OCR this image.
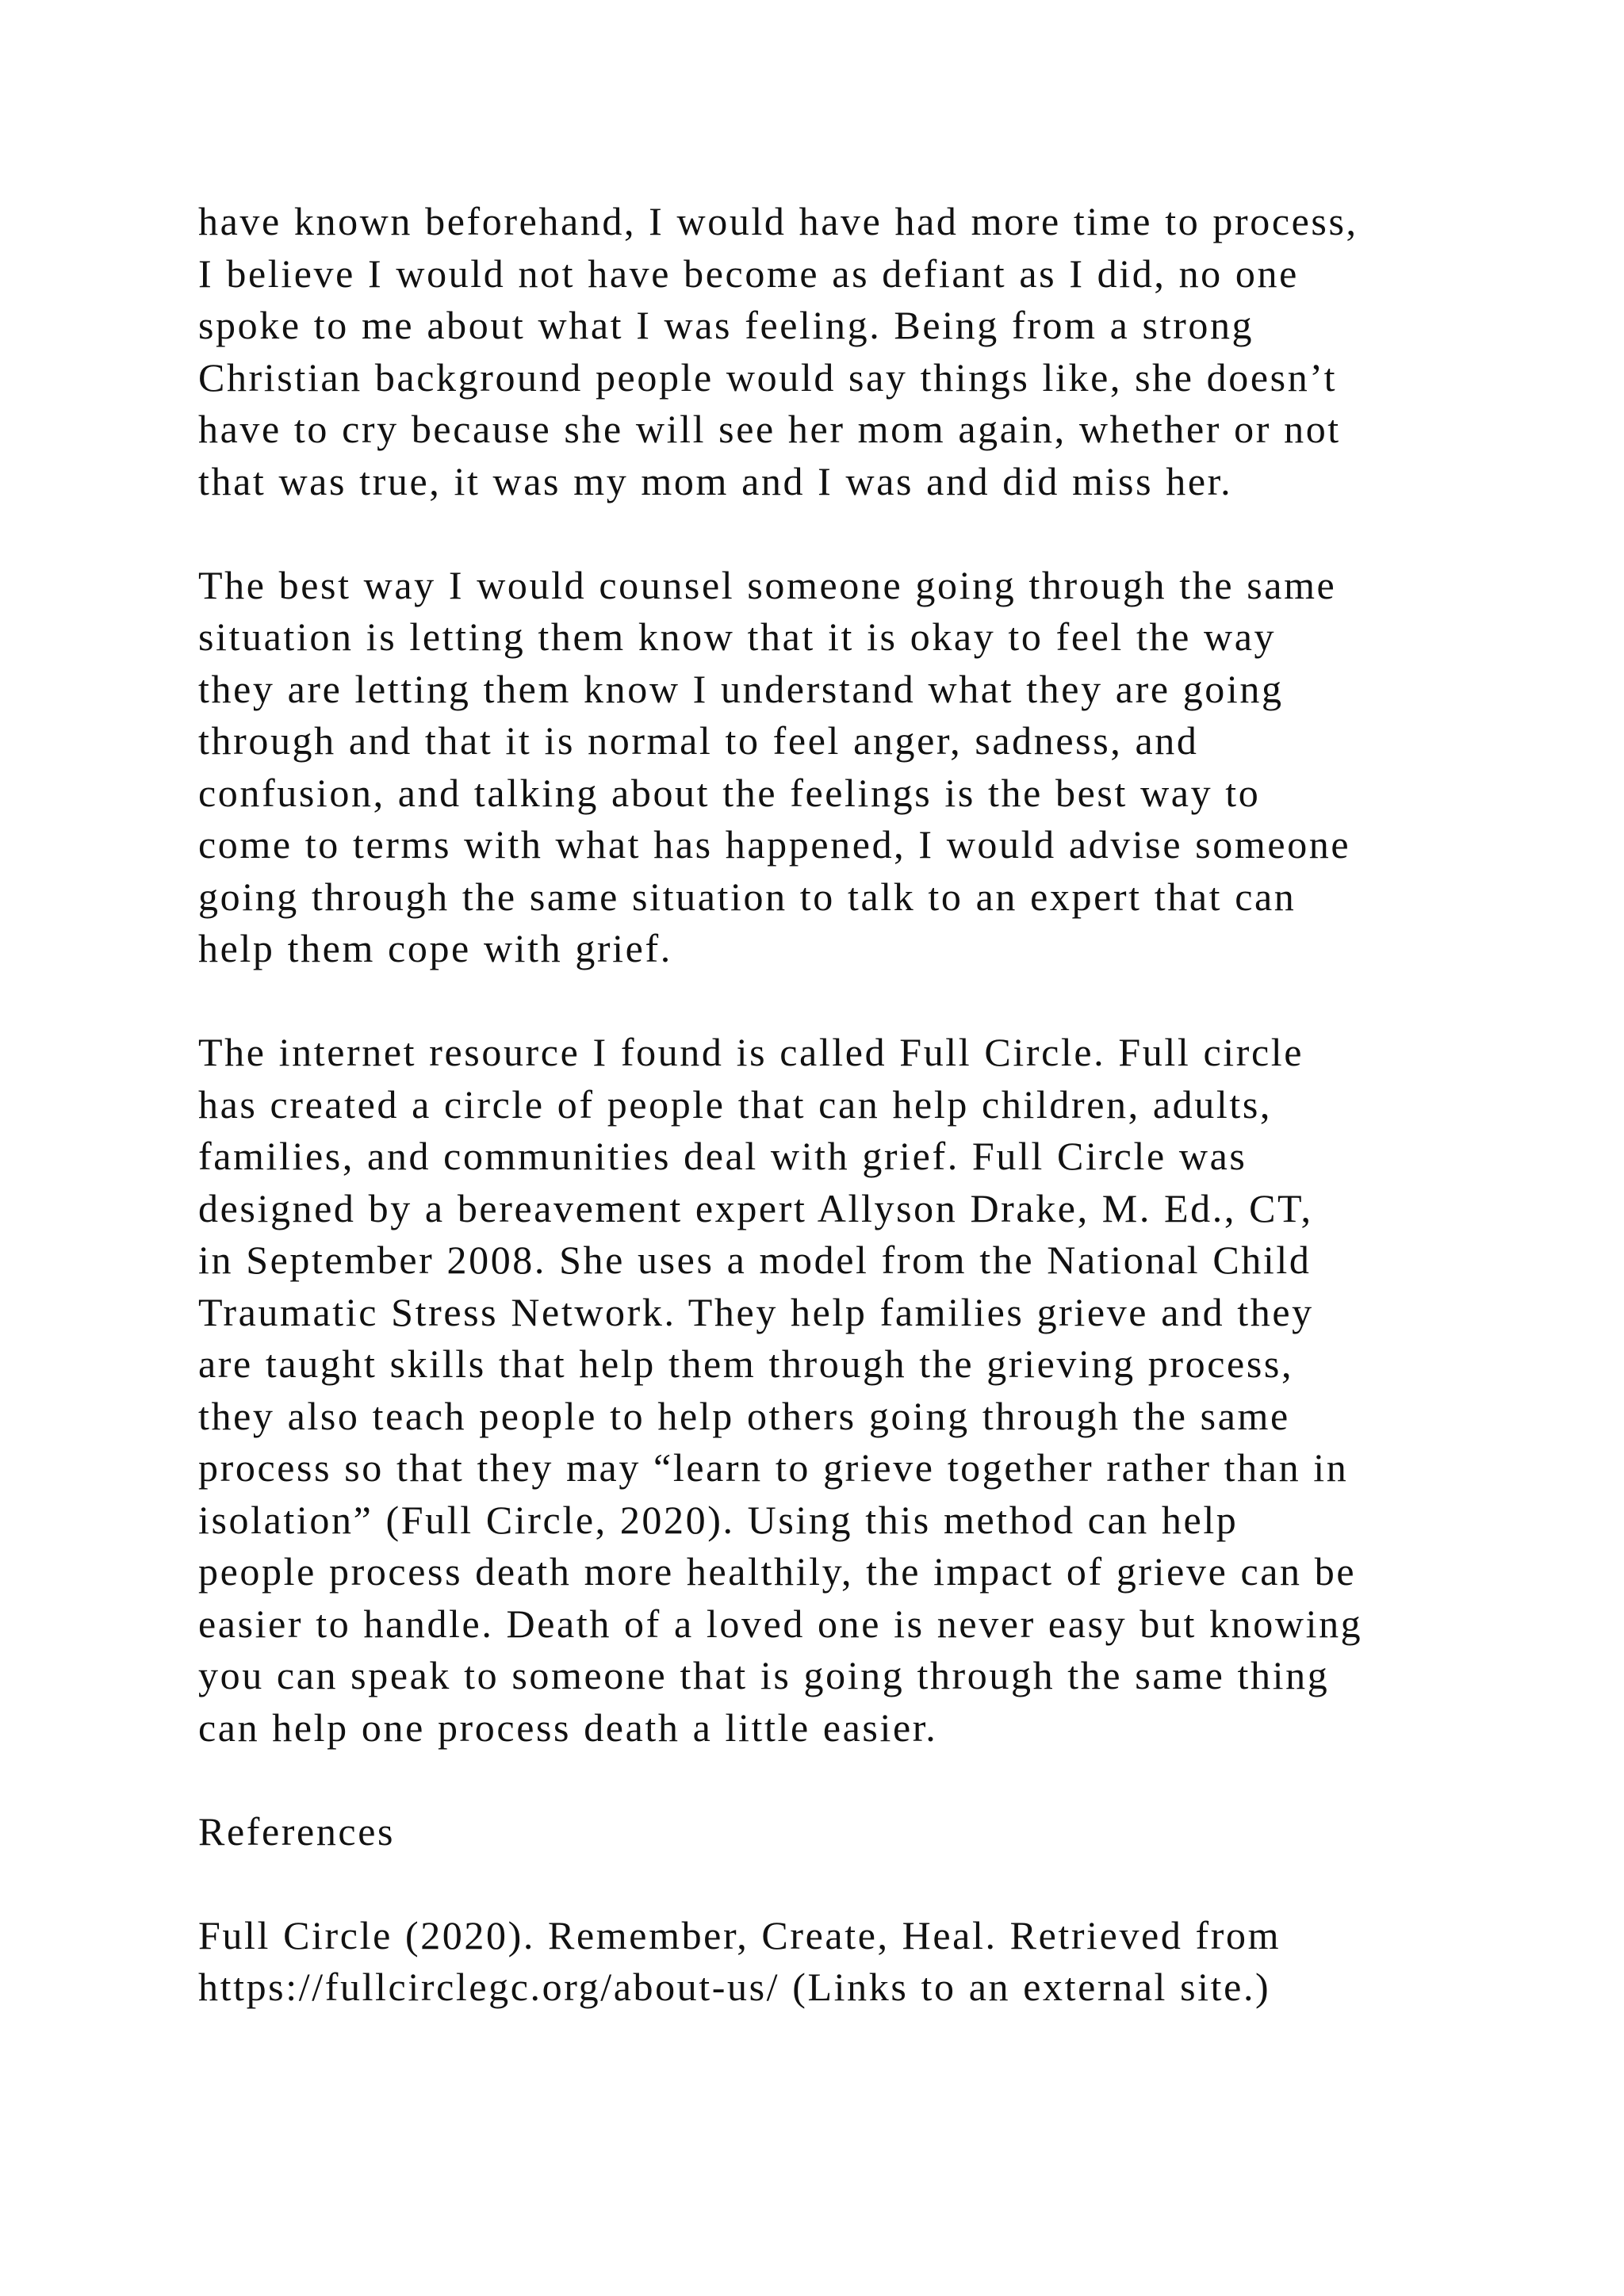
have known beforehand, I would have had more time to process,
I believe I would not have become as defiant as I did, no one
spoke to me about what I was feeling. Being from a strong
Christian background people would say things like, she doesn’t
have to cry because she will see her mom again, whether or not
that was true, it was my mom and I was and did miss her.
The best way I would counsel someone going through the same
situation is letting them know that it is okay to feel the way
they are letting them know I understand what they are going
through and that it is normal to feel anger, sadness, and
confusion, and talking about the feelings is the best way to
come to terms with what has happened, I would advise someone
going through the same situation to talk to an expert that can
help them cope with grief.
The internet resource I found is called Full Circle. Full circle
has created a circle of people that can help children, adults,
families, and communities deal with grief. Full Circle was
designed by a bereavement expert Allyson Drake, M. Ed., CT,
in September 2008. She uses a model from the National Child
Traumatic Stress Network. They help families grieve and they
are taught skills that help them through the grieving process,
they also teach people to help others going through the same
process so that they may “learn to grieve together rather than in
isolation” (Full Circle, 2020). Using this method can help
people process death more healthily, the impact of grieve can be
easier to handle. Death of a loved one is never easy but knowing
you can speak to someone that is going through the same thing
can help one process death a little easier.
References
Full Circle (2020). Remember, Create, Heal. Retrieved from
https://fullcirclegc.org/about-us/ (Links to an external site.)
